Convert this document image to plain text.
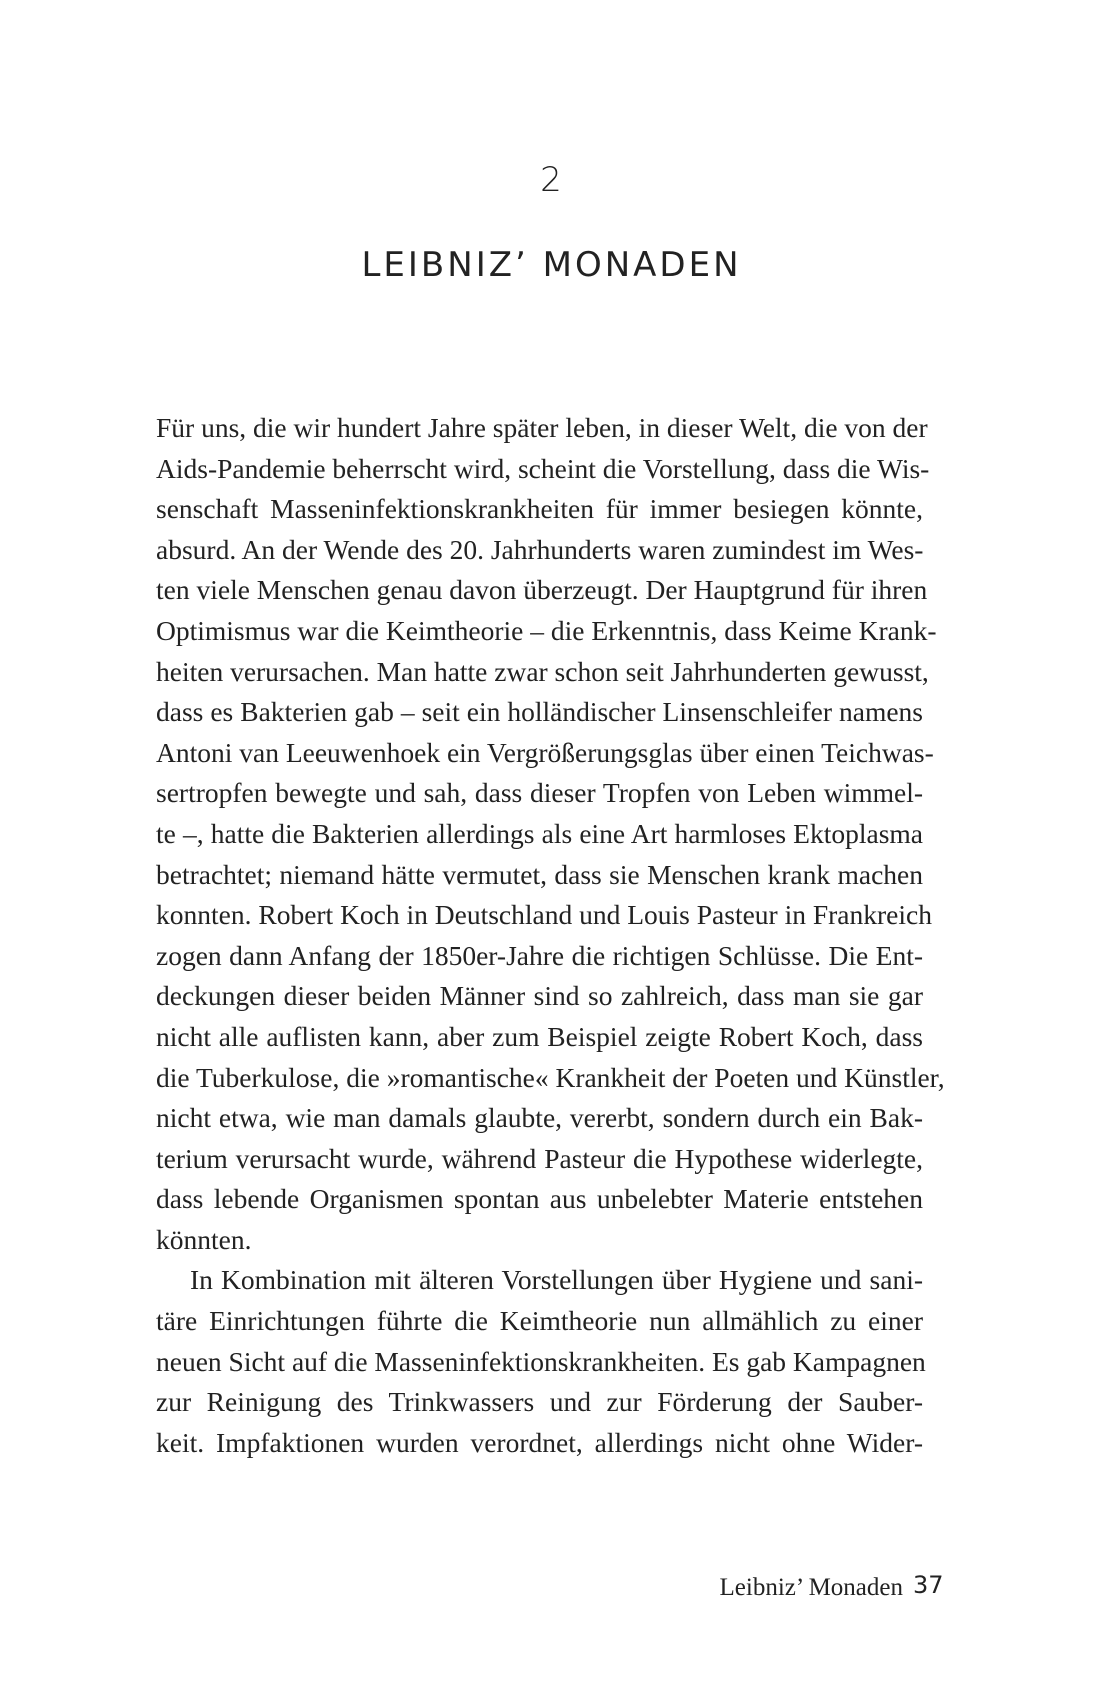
2
LEIBNIZ’ MONADEN
Für uns, die wir hundert Jahre später leben, in dieser Welt, die von der
Aids-Pandemie beherrscht wird, scheint die Vorstellung, dass die Wis-
senschaft Masseninfektionskrankheiten für immer besiegen könnte,
absurd. An der Wende des 20. Jahrhunderts waren zumindest im Wes-
ten viele Menschen genau davon überzeugt. Der Hauptgrund für ihren
Optimismus war die Keimtheorie – die Erkenntnis, dass Keime Krank-
heiten verursachen. Man hatte zwar schon seit Jahrhunderten gewusst,
dass es Bakterien gab – seit ein holländischer Linsenschleifer namens
Antoni van Leeuwenhoek ein Vergrößerungsglas über einen Teichwas-
sertropfen bewegte und sah, dass dieser Tropfen von Leben wimmel-
te –, hatte die Bakterien allerdings als eine Art harmloses Ektoplasma
betrachtet; niemand hätte vermutet, dass sie Menschen krank machen
konnten. Robert Koch in Deutschland und Louis Pasteur in Frankreich
zogen dann Anfang der 1850er-Jahre die richtigen Schlüsse. Die Ent-
deckungen dieser beiden Männer sind so zahlreich, dass man sie gar
nicht alle auflisten kann, aber zum Beispiel zeigte Robert Koch, dass
die Tuberkulose, die »romantische« Krankheit der Poeten und Künstler,
nicht etwa, wie man damals glaubte, vererbt, sondern durch ein Bak-
terium verursacht wurde, während Pasteur die Hypothese widerlegte,
dass lebende Organismen spontan aus unbelebter Materie entstehen
könnten.
In Kombination mit älteren Vorstellungen über Hygiene und sani-
täre Einrichtungen führte die Keimtheorie nun allmählich zu einer
neuen Sicht auf die Masseninfektionskrankheiten. Es gab Kampagnen
zur Reinigung des Trinkwassers und zur Förderung der Sauber-
keit. Impfaktionen wurden verordnet, allerdings nicht ohne Wider-
Leibniz’ Monaden 37
